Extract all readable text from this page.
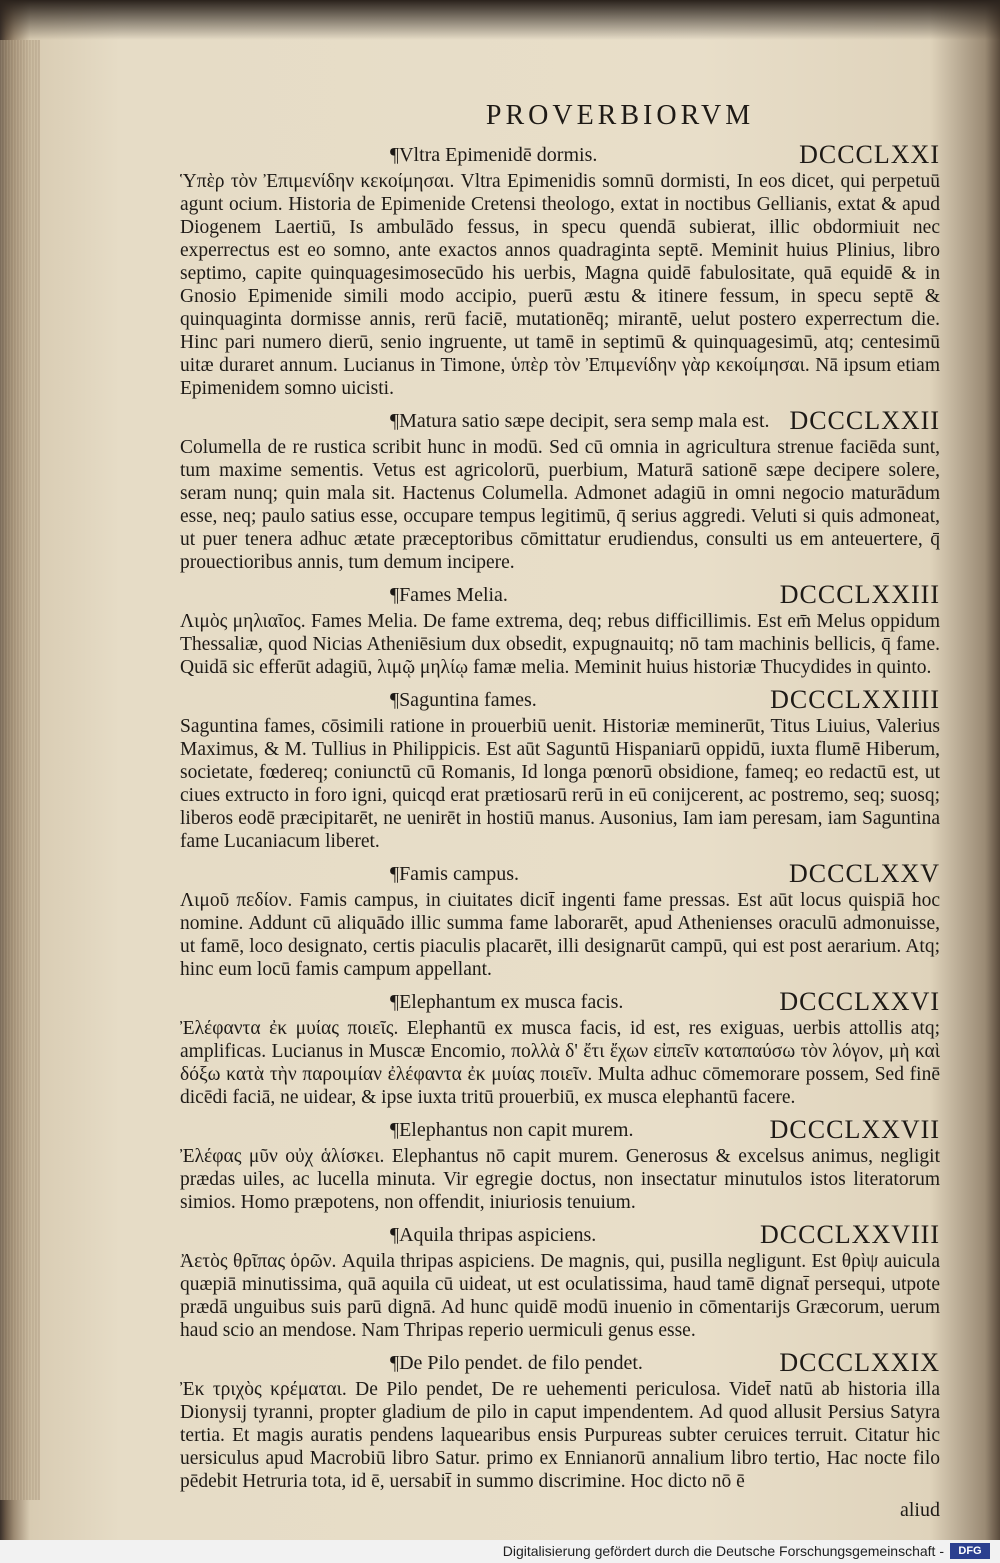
PROVERBIORVM
¶Vltra Epimenidē dormis.	DCCCLXXI

Ὑπὲρ τὸν Ἐπιμενίδην κεκοίμησαι. Vltra Epimenidis somnū dormisti, In eos dicet, qui perpetuū agunt ocium. Historia de Epimenide Cretensi theologo, extat in noctibus Gellianis, extat & apud Diogenem Laertiū, Is ambulādo fessus, in specu quendā subierat, illic obdormiuit nec experrectus est eo somno, ante exactos annos quadraginta septē. Meminit huius Plinius, libro septimo, capite quinquagesimosecūdo his uerbis, Magna quidē fabulositate, quā equidē & in Gnosio Epimenide simili modo accipio, puerū æstu & itinere fessum, in specu septē & quinquaginta dormisse annis, rerū faciē, mutationēq; mirantē, uelut postero experrectum die. Hinc pari numero dierū, senio ingruente, ut tamē in septimū & quinquagesimū, atq; centesimū uitæ duraret annum. Lucianus in Timone, ὑπὲρ τὸν Ἐπιμενίδην γὰρ κεκοίμησαι. Nā ipsum etiam Epimenidem somno uicisti.

¶Matura satio sæpe decipit, sera semp mala est. DCCCLXXII

Columella de re rustica scribit hunc in modū. Sed cū omnia in agricultura strenue faciēda sunt, tum maxime sementis. Vetus est agricolorū, puerbium, Maturā sationē sæpe decipere solere, seram nunq; quin mala sit. Hactenus Columella. Admonet adagiū in omni negocio maturādum esse, neq; paulo satius esse, occupare tempus legitimū, q̄ serius aggredi. Veluti si quis admoneat, ut puer tenera adhuc ætate præceptoribus cōmittatur erudiendus, consulti us em anteuertere, q̄ prouectioribus annis, tum demum incipere.

¶Fames Melia.	DCCCLXXIII

Λιμὸς μηλιαῖος. Fames Melia. De fame extrema, deq; rebus difficillimis. Est em̄ Melus oppidum Thessaliæ, quod Nicias Atheniēsium dux obsedit, expugnauitq; nō tam machinis bellicis, q̄ fame. Quidā sic efferūt adagiū, λιμῷ μηλίῳ famæ melia. Meminit huius historiæ Thucydides in quinto.

¶Saguntina fames.	DCCCLXXIIII

Saguntina fames, cōsimili ratione in prouerbiū uenit. Historiæ meminerūt, Titus Liuius, Valerius Maximus, & M. Tullius in Philippicis. Est aūt Saguntū Hispaniarū oppidū, iuxta flumē Hiberum, societate, fœdereq; coniunctū cū Romanis, Id longa pœnorū obsidione, fameq; eo redactū est, ut ciues extructo in foro igni, quicqd erat prætiosarū rerū in eū conijcerent, ac postremo, seq; suosq; liberos eodē præcipitarēt, ne uenirēt in hostiū manus. Ausonius, Iam iam peresam, iam Saguntina fame Lucaniacum liberet.

¶Famis campus.	DCCCLXXV

Λιμοῦ πεδίον. Famis campus, in ciuitates dicit̄ ingenti fame pressas. Est aūt locus quispiā hoc nomine. Addunt cū aliquādo illic summa fame laborarēt, apud Athenienses oraculū admonuisse, ut famē, loco designato, certis piaculis placarēt, illi designarūt campū, qui est post aerarium. Atq; hinc eum locū famis campum appellant.

¶Elephantum ex musca facis.	DCCCLXXVI

Ἐλέφαντα ἐκ μυίας ποιεῖς. Elephantū ex musca facis, id est, res exiguas, uerbis attollis atq; amplificas. Lucianus in Muscæ Encomio, πολλὰ δ' ἔτι ἔχων εἰπεῖν καταπαύσω τὸν λόγον, μὴ καὶ δόξω κατὰ τὴν παροιμίαν ἐλέφαντα ἐκ μυίας ποιεῖν. Multa adhuc cōmemorare possem, Sed finē dicēdi faciā, ne uidear, & ipse iuxta tritū prouerbiū, ex musca elephantū facere.

¶Elephantus non capit murem.	DCCCLXXVII

Ἐλέφας μῦν οὐχ ἁλίσκει. Elephantus nō capit murem. Generosus & excelsus animus, negligit prædas uiles, ac lucella minuta. Vir egregie doctus, non insectatur minutulos istos literatorum simios. Homo præpotens, non offendit, iniuriosis tenuium.

¶Aquila thripas aspiciens.	DCCCLXXVIII

Ἀετὸς θρῖπας ὁρῶν. Aquila thripas aspiciens. De magnis, qui, pusilla negligunt. Est θρὶψ auicula quæpiā minutissima, quā aquila cū uideat, ut est oculatissima, haud tamē dignat̄ persequi, utpote prædā unguibus suis parū dignā. Ad hunc quidē modū inuenio in cōmentarijs Græcorum, uerum haud scio an mendose. Nam Thripas reperio uermiculi genus esse.

¶De Pilo pendet. de filo pendet.	DCCCLXXIX

Ἐκ τριχὸς κρέμαται. De Pilo pendet, De re uehementi periculosa. Videt̄ natū ab historia illa Dionysij tyranni, propter gladium de pilo in caput impendentem. Ad quod allusit Persius Satyra tertia. Et magis auratis pendens laquearibus ensis Purpureas subter ceruices terruit. Citatur hic uersiculus apud Macrobiū libro Satur. primo ex Ennianorū annalium libro tertio, Hac nocte filo pēdebit Hetruria tota, id ē, uersabit̄ in summo discrimine. Hoc dicto nō ē

aliud
Digitalisierung gefördert durch die Deutsche Forschungsgemeinschaft -	DFG
